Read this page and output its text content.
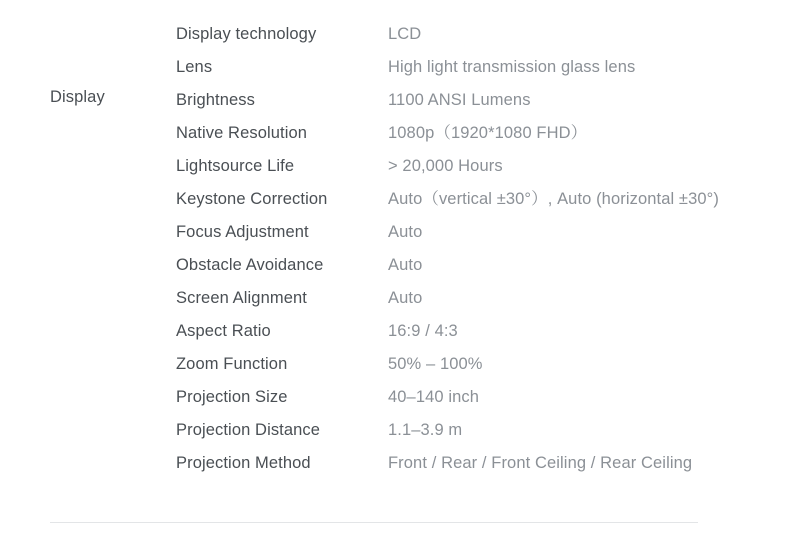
Display
Display technology	LCD
Lens	High light transmission glass lens
Brightness	1100 ANSI Lumens
Native Resolution	1080p（1920*1080 FHD）
Lightsource Life	> 20,000 Hours
Keystone Correction	Auto（vertical ±30°）, Auto (horizontal ±30°)
Focus Adjustment	Auto
Obstacle Avoidance	Auto
Screen Alignment	Auto
Aspect Ratio	16:9 / 4:3
Zoom Function	50% – 100%
Projection Size	40–140 inch
Projection Distance	1.1–3.9 m
Projection Method	Front / Rear / Front Ceiling / Rear Ceiling
